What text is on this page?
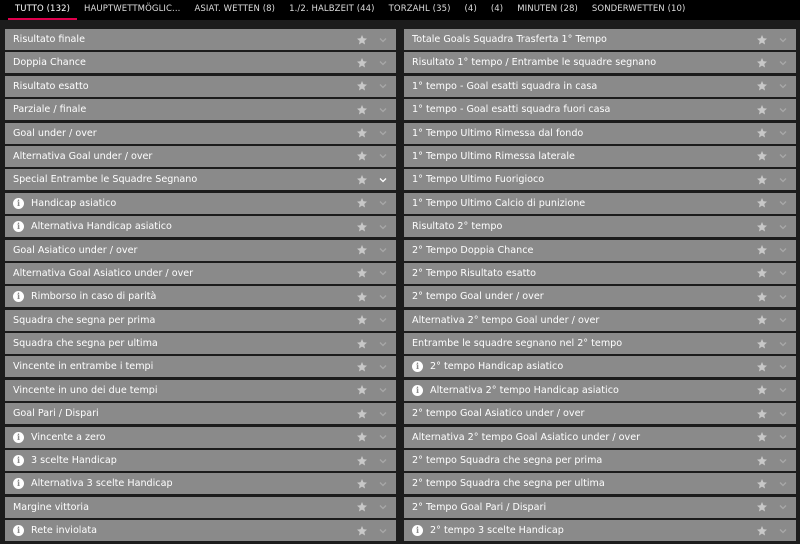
TUTTO (132)	HAUPTWETTMÖGLIC...	ASIAT. WETTEN (8)	1./2. HALBZEIT (44)	TORZAHL (35)	(4)	(4)	MINUTEN (28)	SONDERWETTEN (10)
Risultato finale
Doppia Chance
Risultato esatto
Parziale / finale
Goal under / over
Alternativa Goal under / over
Special Entrambe le Squadre Segnano
i	Handicap asiatico
i	Alternativa Handicap asiatico
Goal Asiatico under / over
Alternativa Goal Asiatico under / over
i	Rimborso in caso di parità
Squadra che segna per prima
Squadra che segna per ultima
Vincente in entrambe i tempi
Vincente in uno dei due tempi
Goal Pari / Dispari
i	Vincente a zero
i	3 scelte Handicap
i	Alternativa 3 scelte Handicap
Margine vittoria
i	Rete inviolata
Totale Goals Squadra Trasferta 1° Tempo
Risultato 1° tempo / Entrambe le squadre segnano
1° tempo - Goal esatti squadra in casa
1° tempo - Goal esatti squadra fuori casa
1° Tempo Ultimo Rimessa dal fondo
1° Tempo Ultimo Rimessa laterale
1° Tempo Ultimo Fuorigioco
1° Tempo Ultimo Calcio di punizione
Risultato 2° tempo
2° Tempo Doppia Chance
2° Tempo Risultato esatto
2° tempo Goal under / over
Alternativa 2° tempo Goal under / over
Entrambe le squadre segnano nel 2° tempo
i	2° tempo Handicap asiatico
i	Alternativa 2° tempo Handicap asiatico
2° tempo Goal Asiatico under / over
Alternativa 2° tempo Goal Asiatico under / over
2° tempo Squadra che segna per prima
2° tempo Squadra che segna per ultima
2° Tempo Goal Pari / Dispari
i	2° tempo 3 scelte Handicap
